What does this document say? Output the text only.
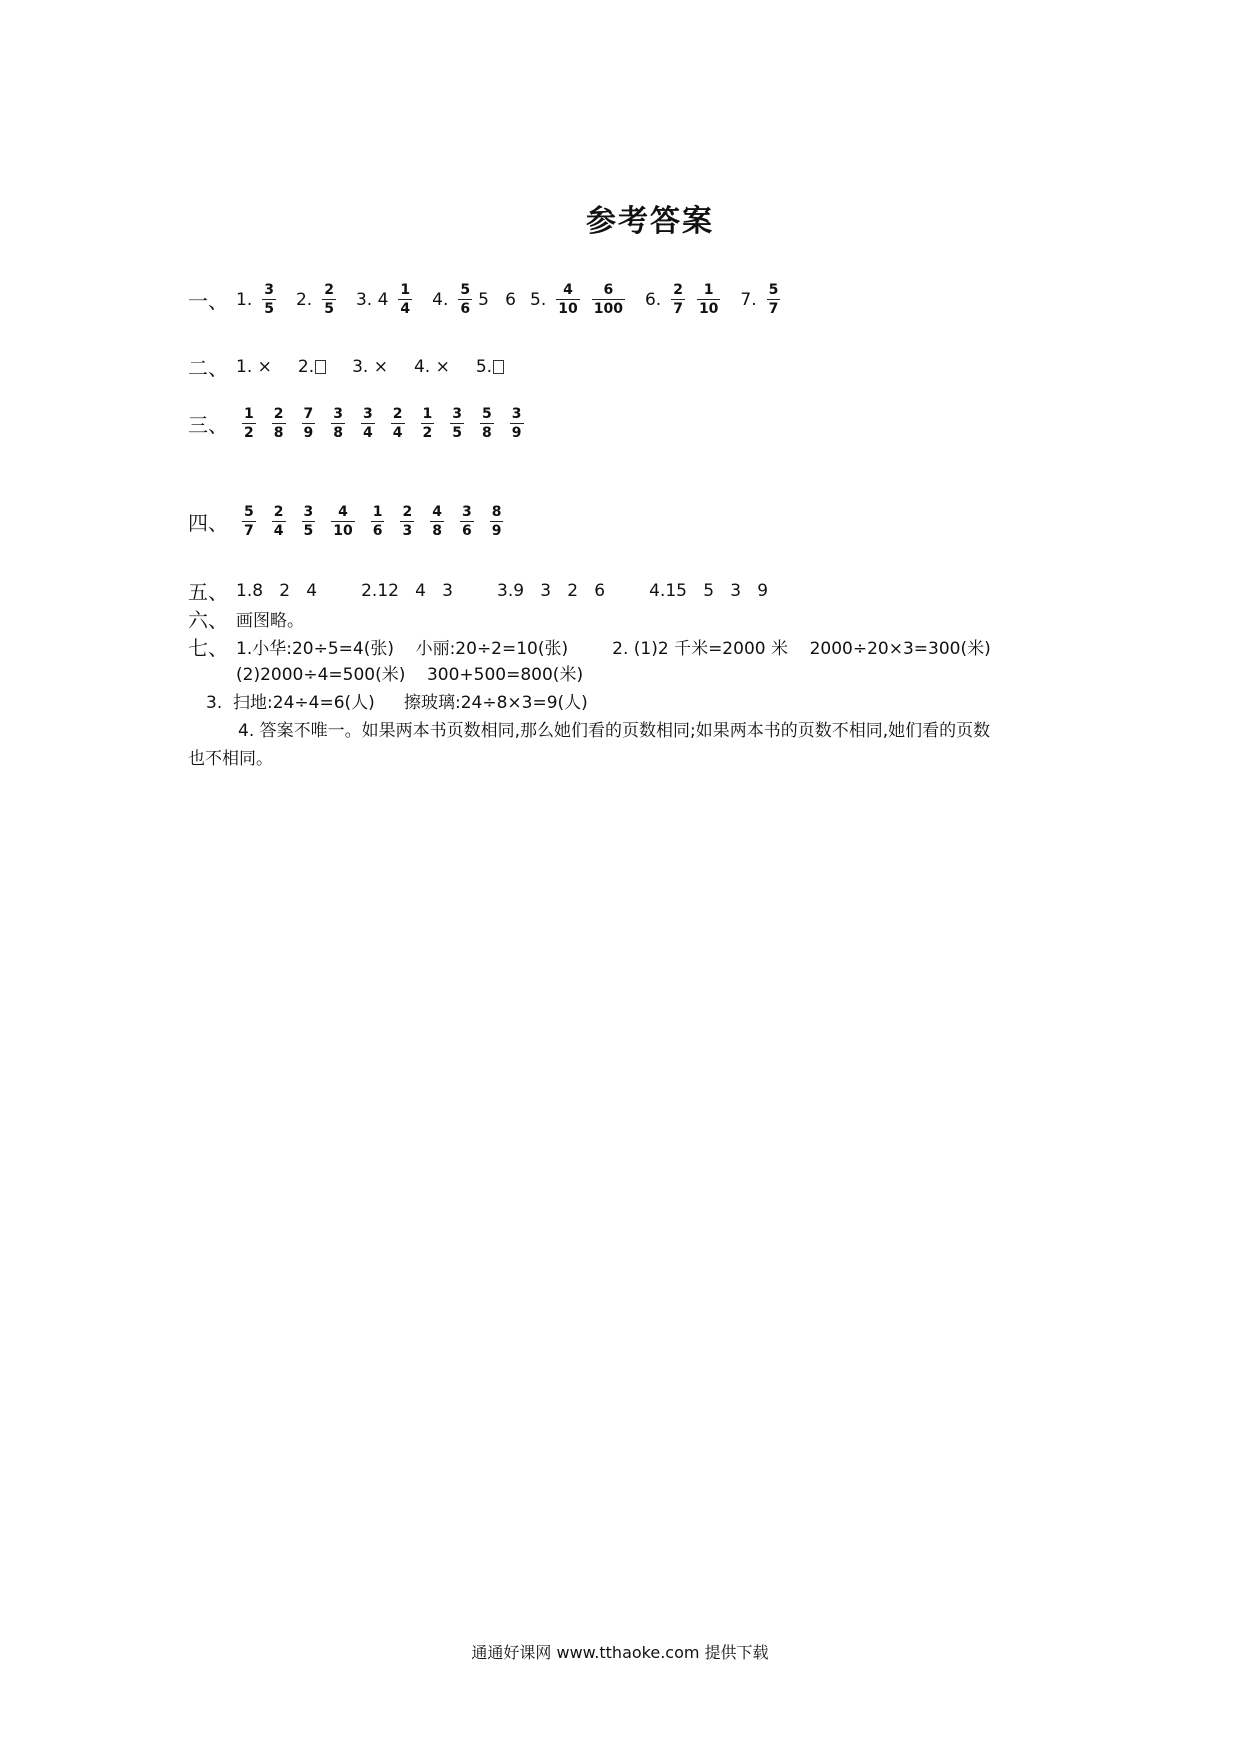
参考答案
一、 1. $\frac{3}{5} 2$. $\frac{2}{5} 3$. $4 \frac{1}{4} 4$. $\frac{5}{6} 5$   6 5. $\frac{4}{10} \frac{6}{100} 6$. $\frac{2}{7} \frac{1}{10} 7$. $\frac{5}{7}$
二、 1. × 2. 3. × 4. × 5.
三、	$\frac{1}{2} \frac{2}{8} \frac{7}{9} \frac{3}{8} \frac{3}{4} \frac{2}{4} \frac{1}{2} \frac{3}{5} \frac{5}{8} \frac{3}{9}$
四、	$\frac{5}{7} \frac{2}{4} \frac{3}{5} \frac{4}{10} \frac{1}{6} \frac{2}{3} \frac{4}{8} \frac{3}{6} \frac{8}{9}$
五、 1.8   2   4	2.12   4   3	3.9   3   2   6	4.15   5   3   9
六、 画图略。
七、 1.小华:20÷5=4(张)    小丽:20÷2=10(张)	2. (1)2 千米=2000 米    2000÷20×3=300(米)
(2)2000÷4=500(米)    300+500=800(米)
3.  扫地:24÷4=6(人) 擦玻璃:24÷8×3=9(人)
4. 答案不唯一。如果两本书页数相同,那么她们看的页数相同;如果两本书的页数不相同,她们看的页数
也不相同。
通通好课网 www.tthaoke.com 提供下载
